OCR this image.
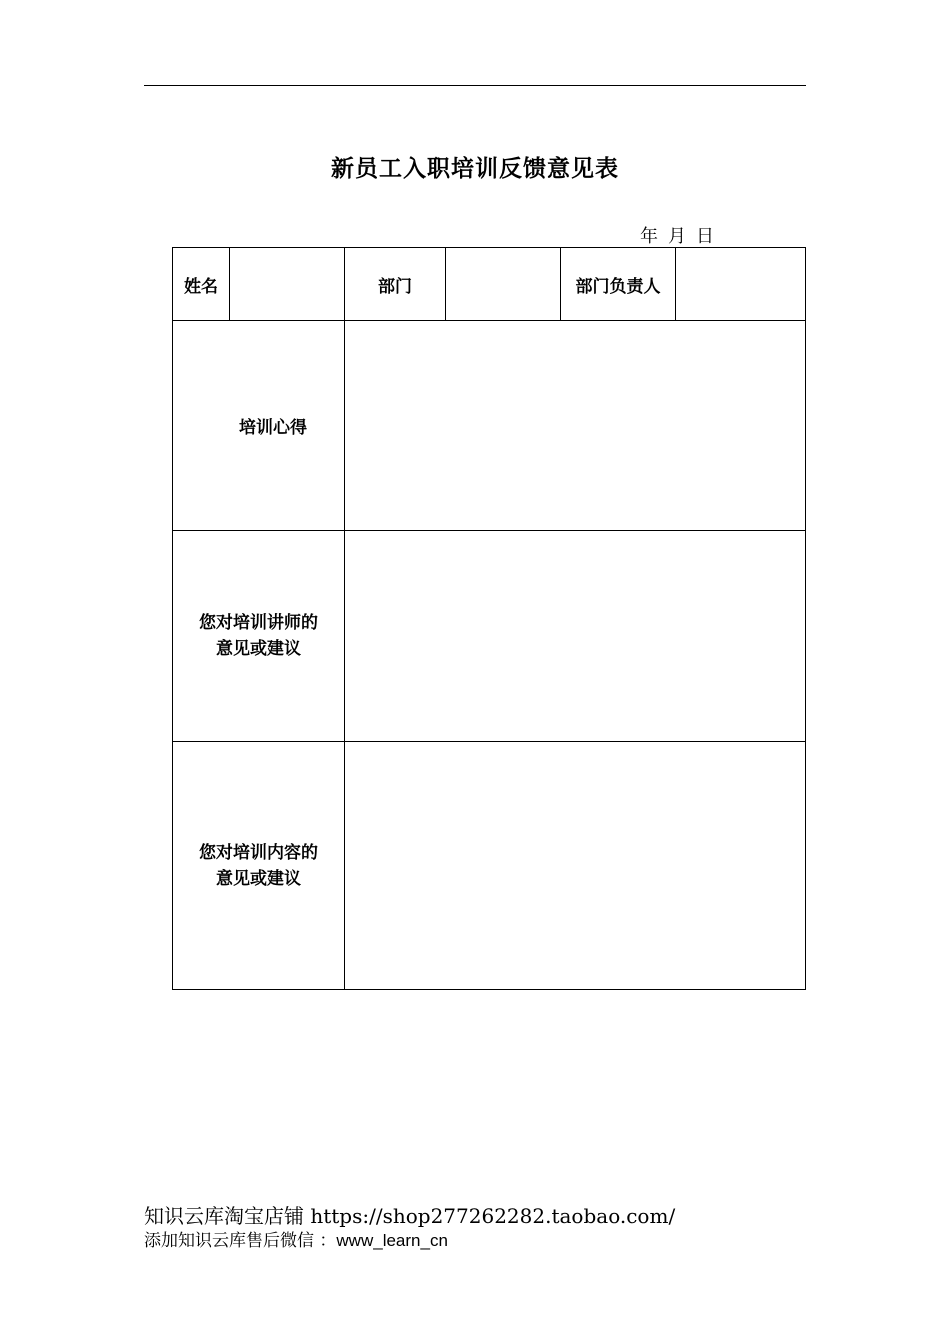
新员工入职培训反馈意见表
年 月 日
姓名		部门		部门负责人	
培训心得					

您对培训讲师的
意见或建议					

您对培训内容的
意见或建议					

知识云库淘宝店铺 https://shop277262282.taobao.com/
添加知识云库售后微信 ：www_learn_cn
